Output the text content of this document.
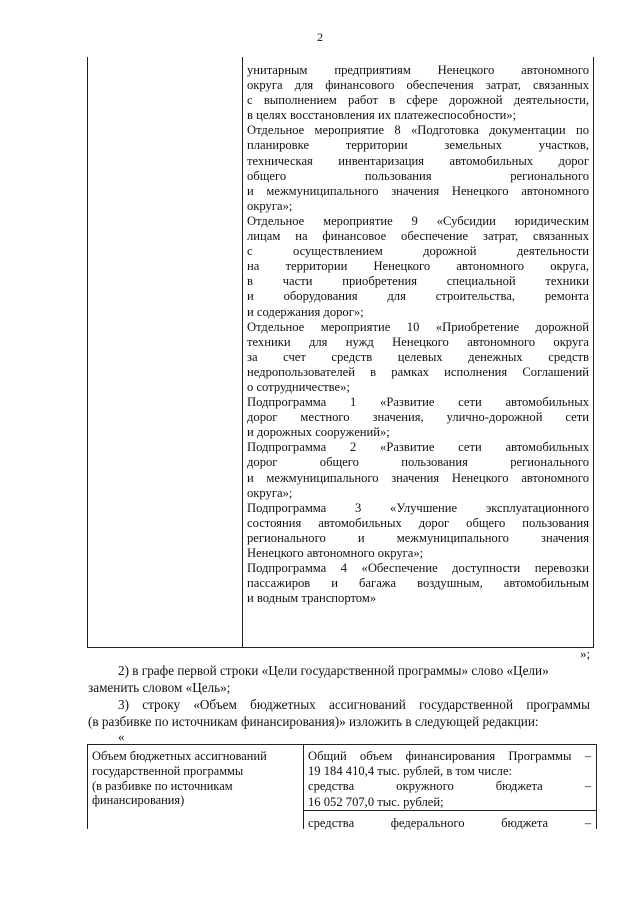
2
унитарным предприятиям Ненецкого автономного
округа для финансового обеспечения затрат, связанных
с выполнением работ в сфере дорожной деятельности,
в целях восстановления их платежеспособности»;
Отдельное мероприятие 8 «Подготовка документации по
планировке территории земельных участков,
техническая инвентаризация автомобильных дорог
общего пользования регионального
и межмуниципального значения Ненецкого автономного
округа»;
Отдельное мероприятие 9 «Субсидии юридическим
лицам на финансовое обеспечение затрат, связанных
с осуществлением дорожной деятельности
на территории Ненецкого автономного округа,
в части приобретения специальной техники
и оборудования для строительства, ремонта
и содержания дорог»;
Отдельное мероприятие 10 «Приобретение дорожной
техники для нужд Ненецкого автономного округа
за счет средств целевых денежных средств
недропользователей в рамках исполнения Соглашений
о сотрудничестве»;
Подпрограмма 1 «Развитие сети автомобильных
дорог местного значения, улично-дорожной сети
и дорожных сооружений»;
Подпрограмма 2 «Развитие сети автомобильных
дорог общего пользования регионального
и межмуниципального значения Ненецкого автономного
округа»;
Подпрограмма 3 «Улучшение эксплуатационного
состояния автомобильных дорог общего пользования
регионального и межмуниципального значения
Ненецкого автономного округа»;
Подпрограмма 4 «Обеспечение доступности перевозки
пассажиров и багажа воздушным, автомобильным
и водным транспортом»
»;
2) в графе первой строки «Цели государственной программы» слово «Цели»
заменить словом «Цель»;
3) строку «Объем бюджетных ассигнований государственной программы
(в разбивке по источникам финансирования)» изложить в следующей редакции:
«
Объем бюджетных ассигнований
государственной программы
(в разбивке по источникам
финансирования)
Общий объем финансирования Программы –
19 184 410,4 тыс. рублей, в том числе:
средства окружного бюджета –
16 052 707,0 тыс. рублей;
средства федерального бюджета –
